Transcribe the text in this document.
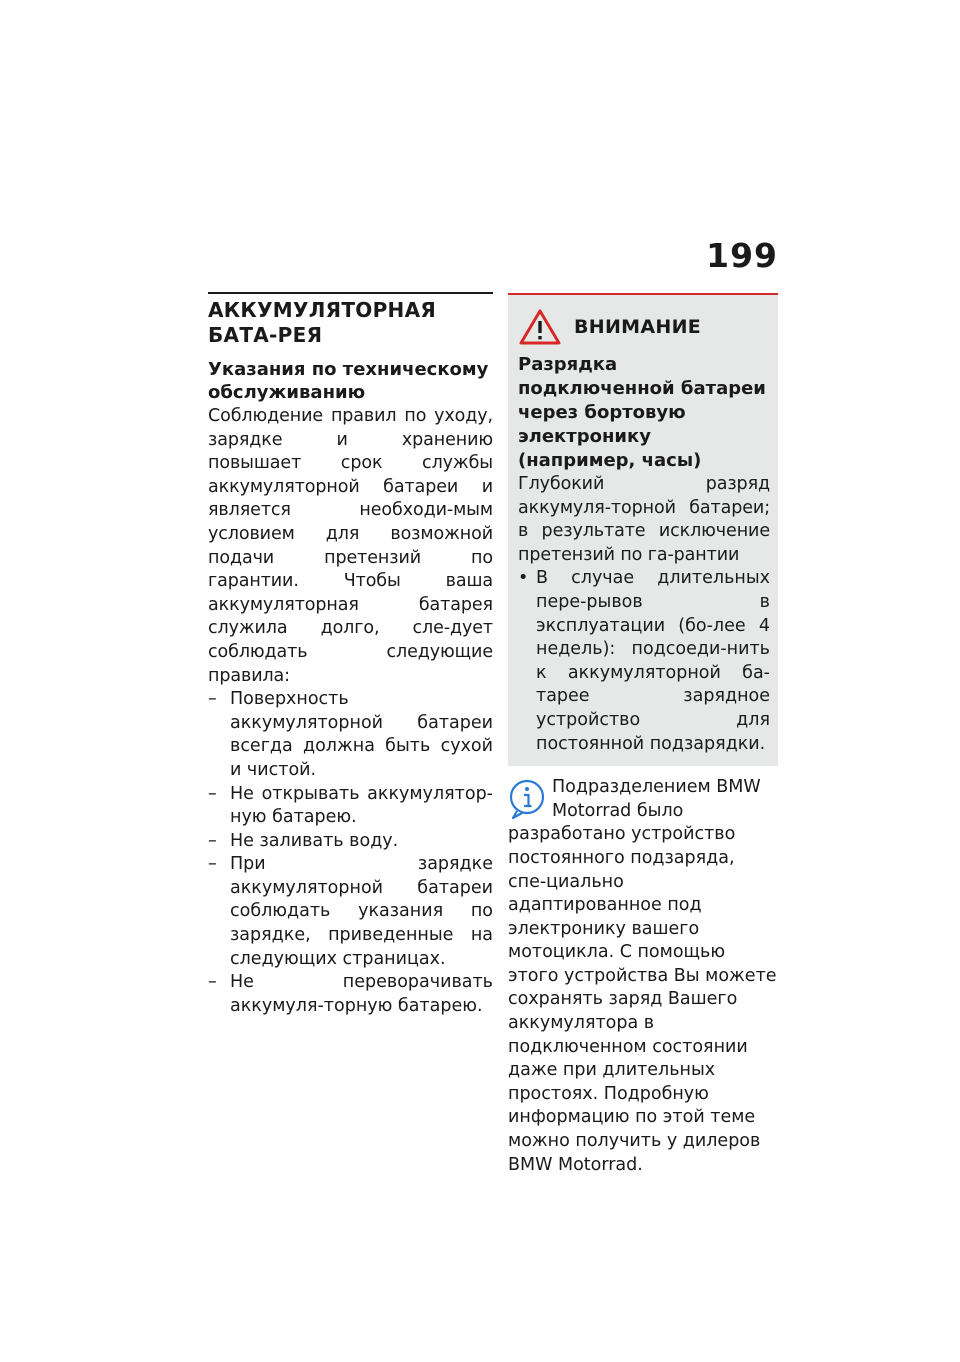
199
АККУМУЛЯТОРНАЯ БАТА-РЕЯ
Указания по техническому обслуживанию

Соблюдение правил по уходу, зарядке и хранению повышает срок службы аккумуляторной батареи и является необходи-мым условием для возможной подачи претензий по гарантии. Чтобы ваша аккумуляторная батарея служила долго, сле-дует соблюдать следующие правила:

– Поверхность аккумуляторной батареи всегда должна быть сухой и чистой.
– Не открывать аккумулятор-ную батарею.
– Не заливать воду.
– При зарядке аккумуляторной батареи соблюдать указания по зарядке, приведенные на следующих страницах.
– Не переворачивать аккумуля-торную батарею.
ВНИМАНИЕ
Разрядка подключенной батареи через бортовую электронику (например, часы)

Глубокий разряд аккумуля-торной батареи; в результате исключение претензий по га-рантии

• В случае длительных пере-рывов в эксплуатации (бо-лее 4 недель): подсоеди-нить к аккумуляторной ба-тарее зарядное устройство для постоянной подзарядки.

Подразделением BMW Motorrad было разработано устройство постоянного подзаряда, спе-циально адаптированное под электронику вашего мотоцикла. С помощью этого устройства Вы можете сохранять заряд Вашего аккумулятора в подключенном состоянии даже при длительных простоях. Подробную информацию по этой теме можно получить у дилеров BMW Motorrad.
